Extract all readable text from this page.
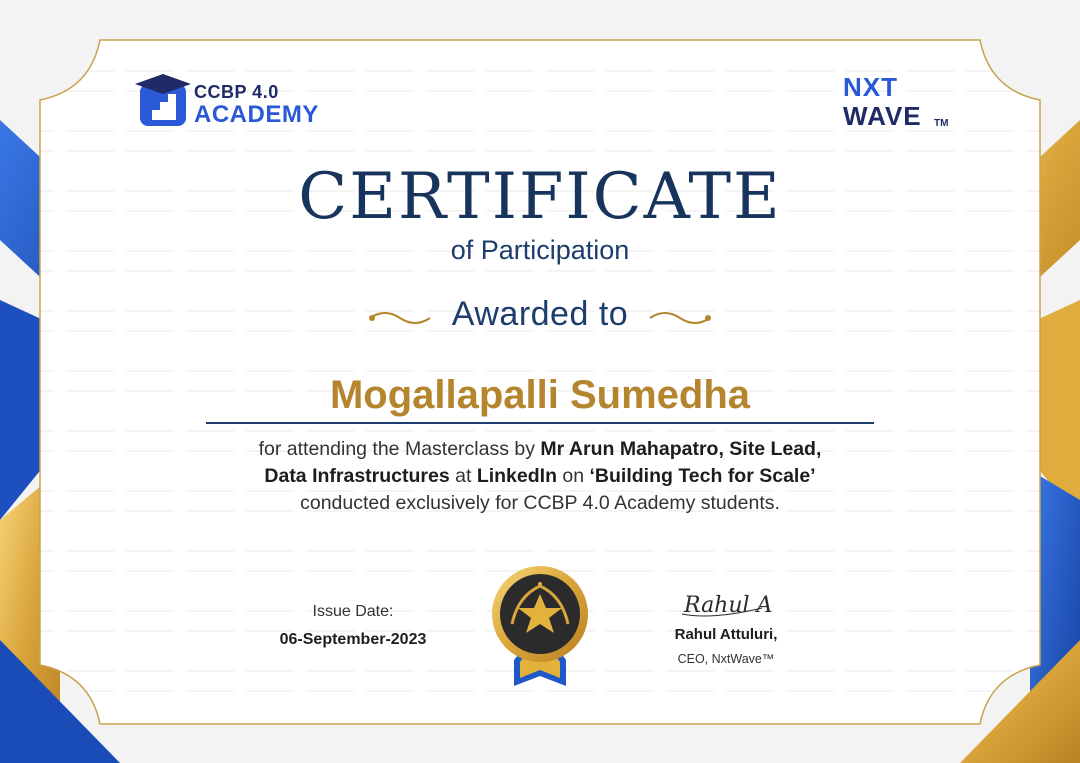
CCBP 4.0
ACADEMY
NXT
WAVE TM
CERTIFICATE
of Participation
Awarded to
Mogallapalli Sumedha
for attending the Masterclass by Mr Arun Mahapatro, Site Lead,
Data Infrastructures at LinkedIn on ‘Building Tech for Scale’
conducted exclusively for CCBP 4.0 Academy students.
Issue Date:
06-September-2023
Rahul A
Rahul Attuluri,
CEO, NxtWave™
